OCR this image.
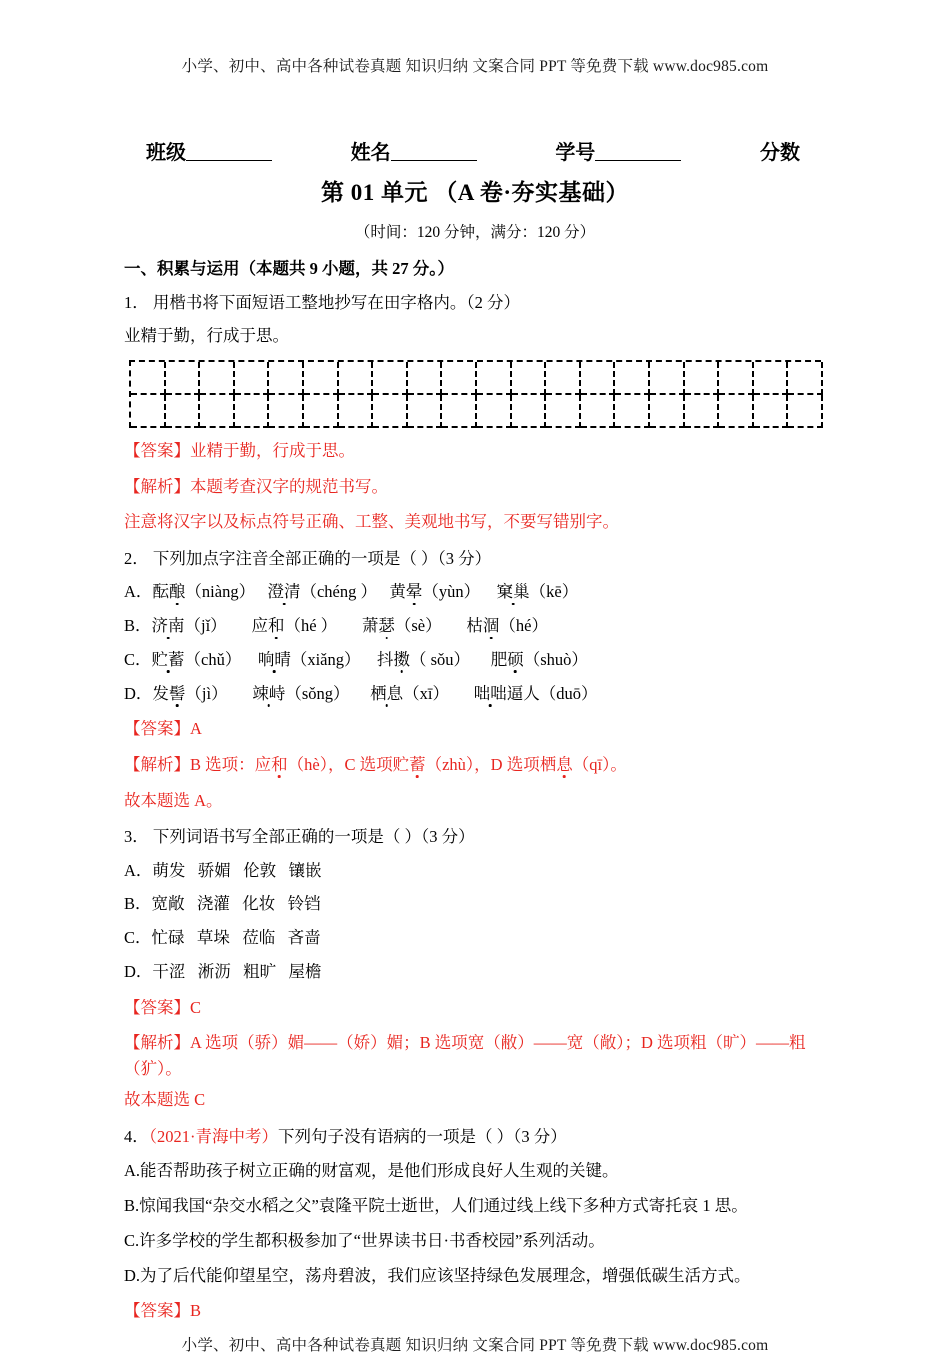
小学、初中、高中各种试卷真题 知识归纳 文案合同 PPT 等免费下载 www.doc985.com
班级	姓名	学号	分数
第 01 单元 （A 卷·夯实基础）
（时间：120 分钟，满分：120 分）
一、积累与运用（本题共 9 小题，共 27 分。）
1． 用楷书将下面短语工整地抄写在田字格内。（2 分）
业精于勤，行成于思。
【答案】业精于勤，行成于思。
【解析】本题考查汉字的规范书写。
注意将汉字以及标点符号正确、工整、美观地书写，不要写错别字。
2． 下列加点字注音全部正确的一项是（ ）（3 分）
A．酝酿（niàng） 澄清（chéng ） 黄晕（yùn） 窠巢（kē）
B．济南（jǐ） 应和（hé ） 萧瑟（sè） 枯涸（hé）
C．贮蓄（chǔ） 响晴（xiǎng） 抖擞（ sǒu） 肥硕（shuò）
D．发髻（jì） 竦峙（sǒng） 栖息（xī） 咄咄逼人（duō）
【答案】A
【解析】B 选项：应和（hè），C 选项贮蓄（zhù），D 选项栖息（qī）。
故本题选 A。
3． 下列词语书写全部正确的一项是（ ）（3 分）
A．萌发   骄媚   伦敦   镶嵌
B．宽敞   浇灌   化妆   铃铛
C．忙碌   草垛   莅临   吝啬
D．干涩   淅沥   粗旷   屋檐
【答案】C
【解析】A 选项（骄）媚——（娇）媚；B 选项宽（敝）——宽（敞）；D 选项粗（旷）——粗（犷）。
故本题选 C
4．（2021·青海中考）下列句子没有语病的一项是（ ）（3 分）
A.能否帮助孩子树立正确的财富观，是他们形成良好人生观的关键。
B.惊闻我国“杂交水稻之父”袁隆平院士逝世，人们通过线上线下多种方式寄托哀 1 思。
C.许多学校的学生都积极参加了“世界读书日·书香校园”系列活动。
D.为了后代能仰望星空，荡舟碧波，我们应该坚持绿色发展理念，增强低碳生活方式。
【答案】B
小学、初中、高中各种试卷真题 知识归纳 文案合同 PPT 等免费下载 www.doc985.com
